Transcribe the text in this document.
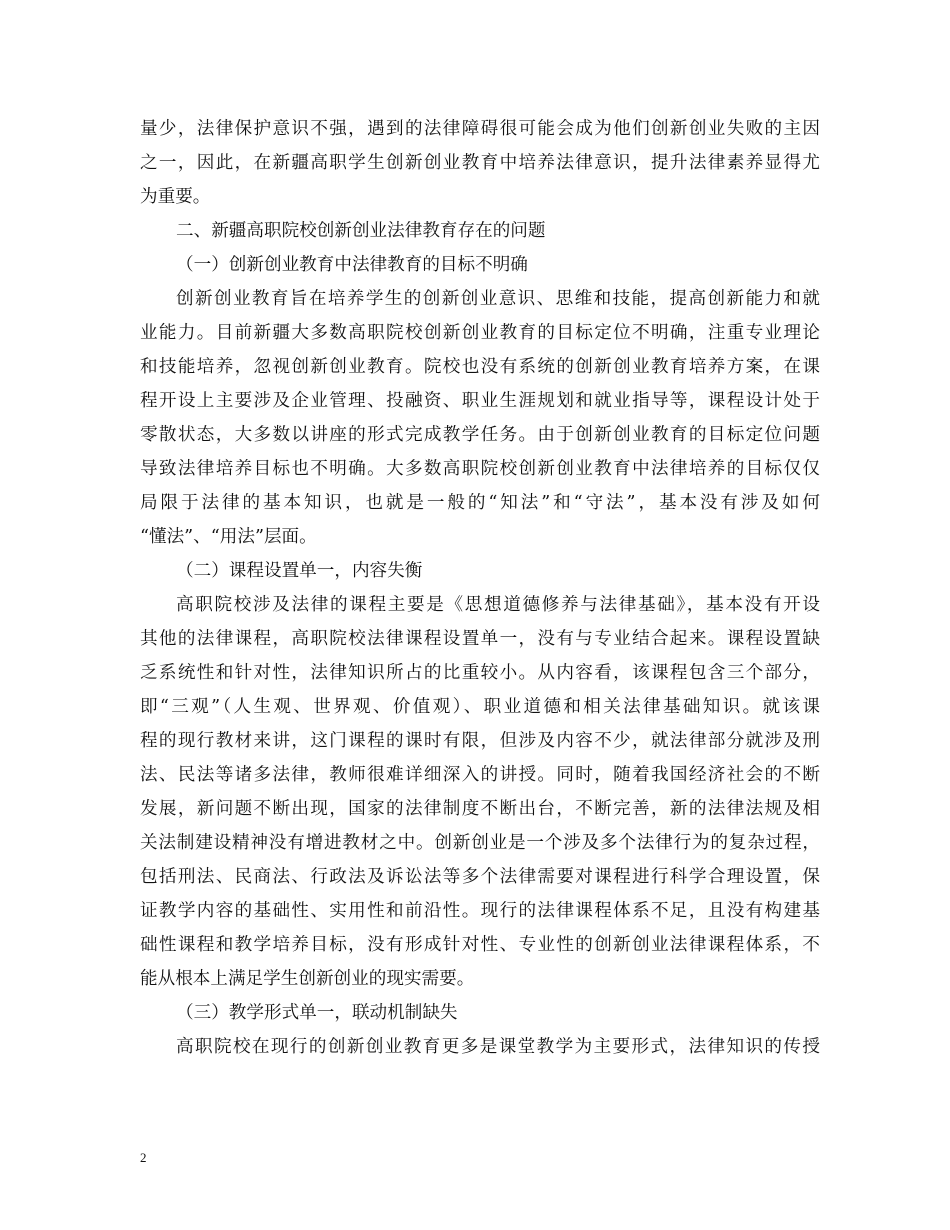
量少，法律保护意识不强，遇到的法律障碍很可能会成为他们创新创业失败的主因
之一，因此，在新疆高职学生创新创业教育中培养法律意识，提升法律素养显得尤
为重要。
二、新疆高职院校创新创业法律教育存在的问题
（一）创新创业教育中法律教育的目标不明确
创新创业教育旨在培养学生的创新创业意识、思维和技能，提高创新能力和就
业能力。目前新疆大多数高职院校创新创业教育的目标定位不明确，注重专业理论
和技能培养，忽视创新创业教育。院校也没有系统的创新创业教育培养方案，在课
程开设上主要涉及企业管理、投融资、职业生涯规划和就业指导等，课程设计处于
零散状态，大多数以讲座的形式完成教学任务。由于创新创业教育的目标定位问题
导致法律培养目标也不明确。大多数高职院校创新创业教育中法律培养的目标仅仅
局限于法律的基本知识，也就是一般的“知法”和“守法”，基本没有涉及如何
“懂法”、“用法”层面。
（二）课程设置单一，内容失衡
高职院校涉及法律的课程主要是《思想道德修养与法律基础》，基本没有开设
其他的法律课程，高职院校法律课程设置单一，没有与专业结合起来。课程设置缺
乏系统性和针对性，法律知识所占的比重较小。从内容看，该课程包含三个部分，
即“三观”（人生观、世界观、价值观）、职业道德和相关法律基础知识。就该课
程的现行教材来讲，这门课程的课时有限，但涉及内容不少，就法律部分就涉及刑
法、民法等诸多法律，教师很难详细深入的讲授。同时，随着我国经济社会的不断
发展，新问题不断出现，国家的法律制度不断出台，不断完善，新的法律法规及相
关法制建设精神没有增进教材之中。创新创业是一个涉及多个法律行为的复杂过程，
包括刑法、民商法、行政法及诉讼法等多个法律需要对课程进行科学合理设置，保
证教学内容的基础性、实用性和前沿性。现行的法律课程体系不足，且没有构建基
础性课程和教学培养目标，没有形成针对性、专业性的创新创业法律课程体系，不
能从根本上满足学生创新创业的现实需要。
（三）教学形式单一，联动机制缺失
高职院校在现行的创新创业教育更多是课堂教学为主要形式，法律知识的传授
2
